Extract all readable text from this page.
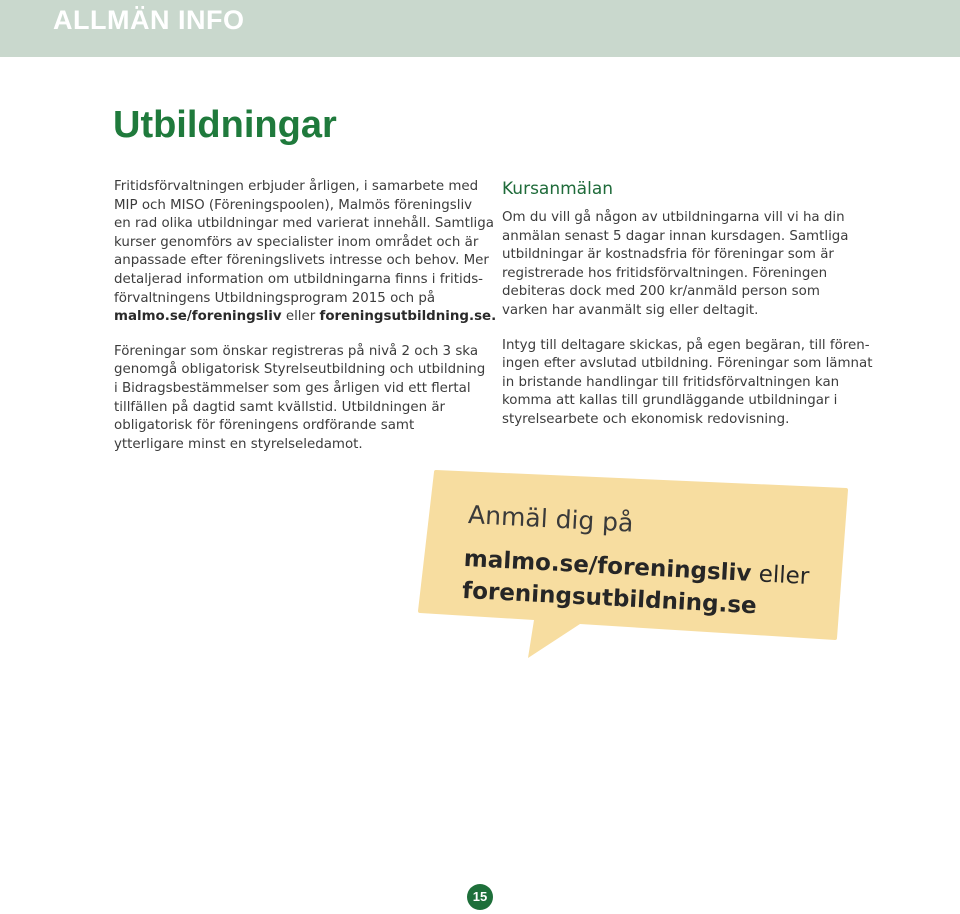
ALLMÄN INFO
Utbildningar

Fritidsförvaltningen erbjuder årligen, i samarbete med
MIP och MISO (Föreningspoolen), Malmös föreningsliv
en rad olika utbildningar med varierat innehåll. Samtliga
kurser genomförs av specialister inom området och är
anpassade efter föreningslivets intresse och behov. Mer
detaljerad information om utbildningarna finns i fritids-
förvaltningens Utbildningsprogram 2015 och på
malmo.se/foreningsliv eller foreningsutbildning.se.

Föreningar som önskar registreras på nivå 2 och 3 ska
genomgå obligatorisk Styrelseutbildning och utbildning
i Bidragsbestämmelser som ges årligen vid ett flertal
tillfällen på dagtid samt kvällstid. Utbildningen är
obligatorisk för föreningens ordförande samt
ytterligare minst en styrelseledamot.

Kursanmälan

Om du vill gå någon av utbildningarna vill vi ha din
anmälan senast 5 dagar innan kursdagen. Samtliga
utbildningar är kostnadsfria för föreningar som är
registrerade hos fritidsförvaltningen. Föreningen
debiteras dock med 200 kr/anmäld person som
varken har avanmält sig eller deltagit.

Intyg till deltagare skickas, på egen begäran, till fören-
ingen efter avslutad utbildning. Föreningar som lämnat
in bristande handlingar till fritidsförvaltningen kan
komma att kallas till grundläggande utbildningar i
styrelsearbete och ekonomisk redovisning.

Anmäl dig på
malmo.se/foreningsliv eller
foreningsutbildning.se
15
